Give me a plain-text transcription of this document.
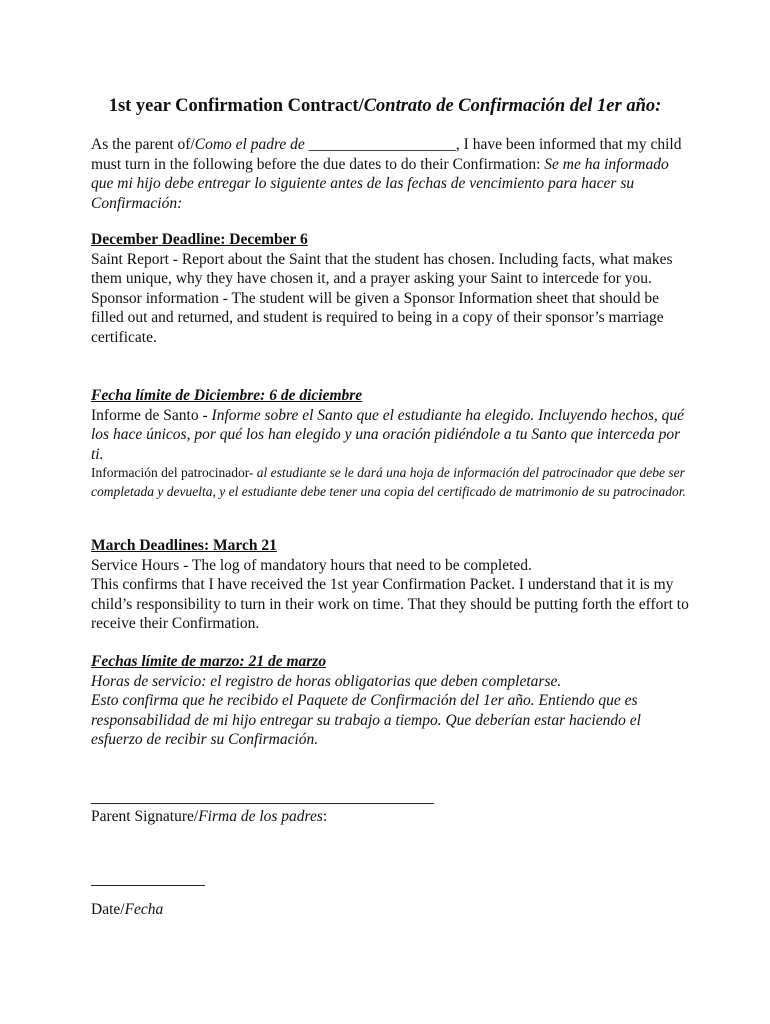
1st year Confirmation Contract/Contrato de Confirmación del 1er año:

As the parent of/Como el padre de ___________________, I have been informed that my child must turn in the following before the due dates to do their Confirmation: Se me ha informado que mi hijo debe entregar lo siguiente antes de las fechas de vencimiento para hacer su Confirmación:

December Deadline: December 6

Saint Report - Report about the Saint that the student has chosen. Including facts, what makes them unique, why they have chosen it, and a prayer asking your Saint to intercede for you.

Sponsor information - The student will be given a Sponsor Information sheet that should be filled out and returned, and student is required to being in a copy of their sponsor’s marriage certificate.

Fecha límite de Diciembre: 6 de diciembre

Informe de Santo - Informe sobre el Santo que el estudiante ha elegido. Incluyendo hechos, qué los hace únicos, por qué los han elegido y una oración pidiéndole a tu Santo que interceda por ti.

Información del patrocinador- al estudiante se le dará una hoja de información del patrocinador que debe ser completada y devuelta, y el estudiante debe tener una copia del certificado de matrimonio de su patrocinador.

March Deadlines: March 21

Service Hours - The log of mandatory hours that need to be completed.

This confirms that I have received the 1st year Confirmation Packet. I understand that it is my child’s responsibility to turn in their work on time. That they should be putting forth the effort to receive their Confirmation.

Fechas límite de marzo: 21 de marzo

Horas de servicio: el registro de horas obligatorias que deben completarse.

Esto confirma que he recibido el Paquete de Confirmación del 1er año. Entiendo que es responsabilidad de mi hijo entregar su trabajo a tiempo. Que deberían estar haciendo el esfuerzo de recibir su Confirmación.

Parent Signature/Firma de los padres:
Date/Fecha
